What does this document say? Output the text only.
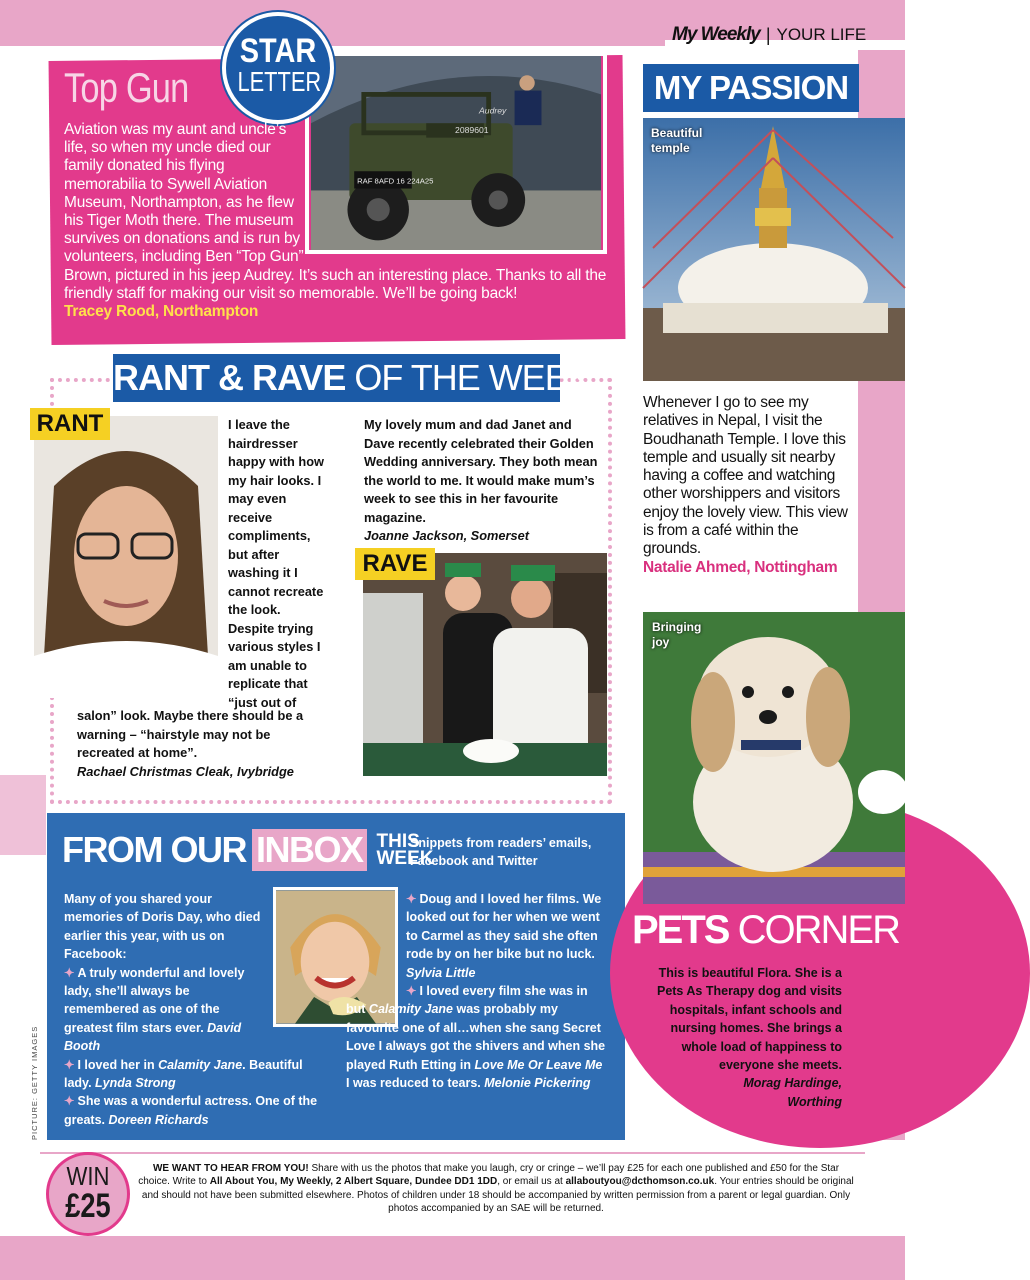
My Weekly | YOUR LIFE
Top Gun
2089601
Audrey
RAF 8AFD 16 224A25
STAR
LETTER
Aviation was my aunt and uncle’s life, so when my uncle died our family donated his flying memorabilia to Sywell Aviation Museum, Northampton, as he flew his Tiger Moth there. The museum survives on donations and is run by volunteers, including Ben “Top Gun” Brown, pictured in his jeep Audrey. It’s such an interesting place. Thanks to all the friendly staff for making our visit so memorable. We’ll be going back!
Tracey Rood, Northampton
MY PASSION
Beautiful temple
Whenever I go to see my relatives in Nepal, I visit the Boudhanath Temple. I love this temple and usually sit nearby having a coffee and watching other worshippers and visitors enjoy the lovely view. This view is from a café within the grounds.
Natalie Ahmed, Nottingham
RANT & RAVE OF THE WEEK
RANT	I leave the
hairdresser
happy with how
my hair looks. I
may even
receive
compliments,
but after
washing it I
cannot recreate
the look.
Despite trying
various styles I
am unable to
replicate that
“just out of
salon” look. Maybe there should be a
warning – “hairstyle may not be
recreated at home”.
Rachael Christmas Cleak, Ivybridge
My lovely mum and dad Janet and Dave recently celebrated their Golden Wedding anniversary. They both mean the world to me. It would make mum’s week to see this in her favourite magazine.
Joanne Jackson, Somerset
RAVE
FROM OUR INBOX THIS
WEEK
Snippets from readers’ emails, Facebook and Twitter
Many of you shared your memories of Doris Day, who died earlier this year, with us on Facebook:
✦ A truly wonderful and lovely lady, she’ll always be remembered as one of the greatest film stars ever. David Booth
✦ I loved her in Calamity Jane. Beautiful lady. Lynda Strong
✦ She was a wonderful actress. One of the greats. Doreen Richards
✦ Doug and I loved her films. We looked out for her when we went to Carmel as they said she often rode by on her bike but no luck. Sylvia Little
✦ I loved every film she was in but Calamity Jane was probably my favourite one of all…when she sang Secret Love I always got the shivers and when she played Ruth Etting in Love Me Or Leave Me I was reduced to tears. Melonie Pickering
PICTURE: GETTY IMAGES
Bringing joy
PETS CORNER
This is beautiful Flora. She is a Pets As Therapy dog and visits hospitals, infant schools and nursing homes. She brings a whole load of happiness to everyone she meets.
Morag Hardinge,
Worthing
WIN
£25
WE WANT TO HEAR FROM YOU! Share with us the photos that make you laugh, cry or cringe – we’ll pay £25 for each one published and £50 for the Star choice. Write to All About You, My Weekly, 2 Albert Square, Dundee DD1 1DD, or email us at allaboutyou@dcthomson.co.uk. Your entries should be original and should not have been submitted elsewhere. Photos of children under 18 should be accompanied by written permission from a parent or legal guardian. Only photos accompanied by an SAE will be returned.
